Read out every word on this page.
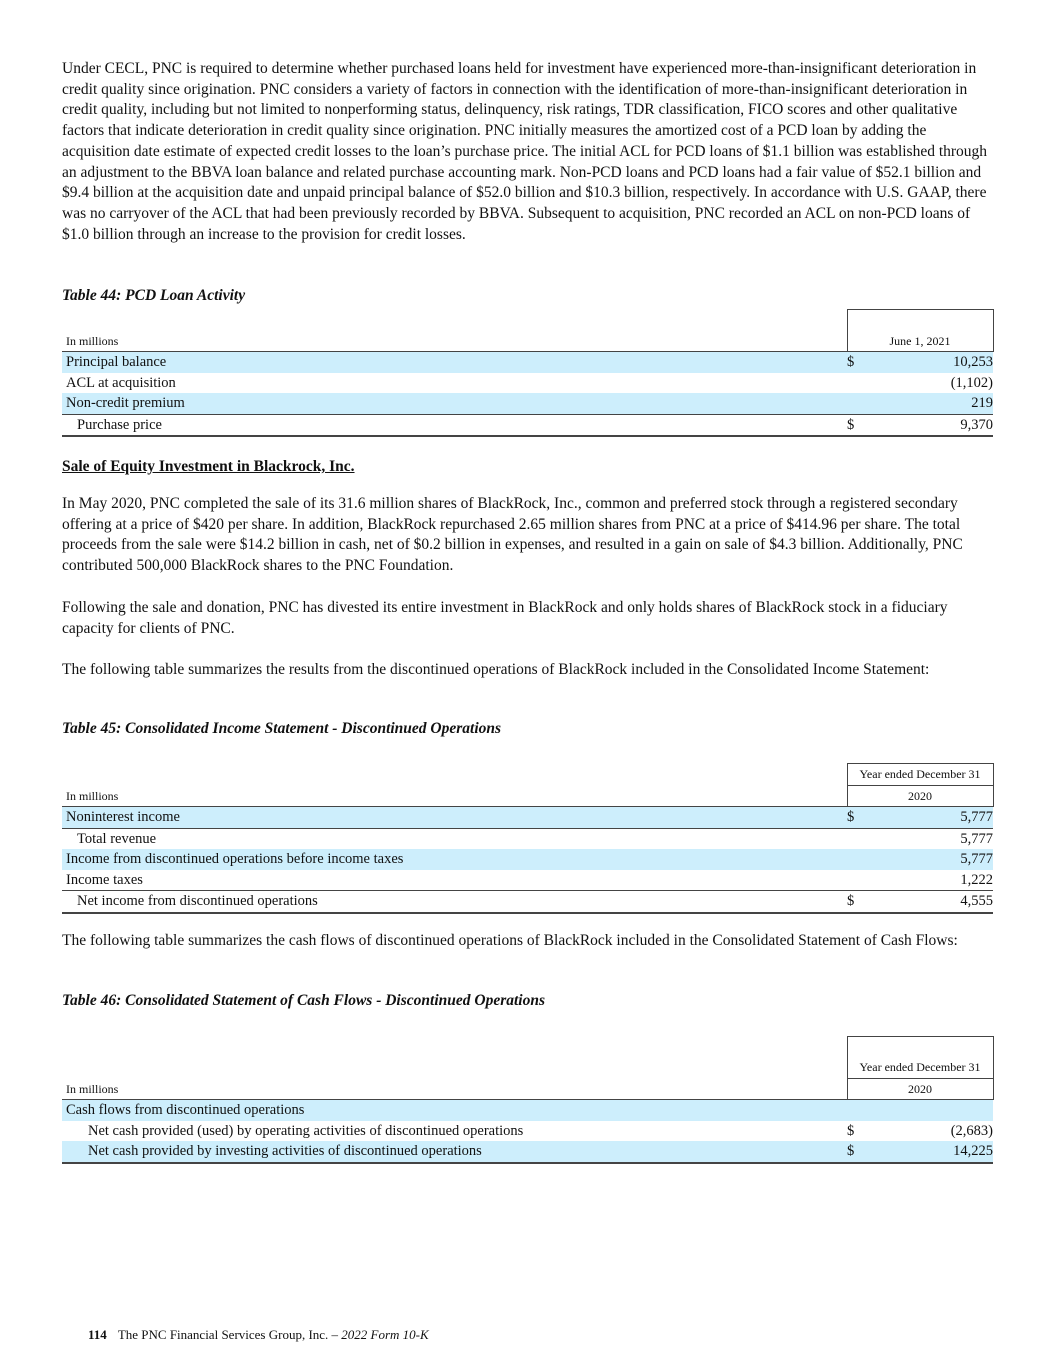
Under CECL, PNC is required to determine whether purchased loans held for investment have experienced more-than-insignificant deterioration in credit quality since origination. PNC considers a variety of factors in connection with the identification of more-than-insignificant deterioration in credit quality, including but not limited to nonperforming status, delinquency, risk ratings, TDR classification, FICO scores and other qualitative factors that indicate deterioration in credit quality since origination. PNC initially measures the amortized cost of a PCD loan by adding the acquisition date estimate of expected credit losses to the loan’s purchase price. The initial ACL for PCD loans of $1.1 billion was established through an adjustment to the BBVA loan balance and related purchase accounting mark. Non-PCD loans and PCD loans had a fair value of $52.1 billion and $9.4 billion at the acquisition date and unpaid principal balance of $52.0 billion and $10.3 billion, respectively. In accordance with U.S. GAAP, there was no carryover of the ACL that had been previously recorded by BBVA. Subsequent to acquisition, PNC recorded an ACL on non-PCD loans of $1.0 billion through an increase to the provision for credit losses.

Table 44: PCD Loan Activity

In millions	June 1, 2021	
Principal balance	$	10,253
ACL at acquisition		(1,102)
Non-credit premium		219
Purchase price	$	9,370

Sale of Equity Investment in Blackrock, Inc.

In May 2020, PNC completed the sale of its 31.6 million shares of BlackRock, Inc., common and preferred stock through a registered secondary offering at a price of $420 per share. In addition, BlackRock repurchased 2.65 million shares from PNC at a price of $414.96 per share. The total proceeds from the sale were $14.2 billion in cash, net of $0.2 billion in expenses, and resulted in a gain on sale of $4.3 billion. Additionally, PNC contributed 500,000 BlackRock shares to the PNC Foundation.

Following the sale and donation, PNC has divested its entire investment in BlackRock and only holds shares of BlackRock stock in a fiduciary capacity for clients of PNC.

The following table summarizes the results from the discontinued operations of BlackRock included in the Consolidated Income Statement:

Table 45: Consolidated Income Statement - Discontinued Operations

	Year ended December 31	
In millions	2020	
Noninterest income	$	5,777
Total revenue		5,777
Income from discontinued operations before income taxes		5,777
Income taxes		1,222
Net income from discontinued operations	$	4,555

The following table summarizes the cash flows of discontinued operations of BlackRock included in the Consolidated Statement of Cash Flows:

Table 46: Consolidated Statement of Cash Flows - Discontinued Operations

	Year ended December 31	
In millions	2020	
Cash flows from discontinued operations		
Net cash provided (used) by operating activities of discontinued operations	$	(2,683)
Net cash provided by investing activities of discontinued operations	$	14,225
114 The PNC Financial Services Group, Inc. – 2022 Form 10-K
